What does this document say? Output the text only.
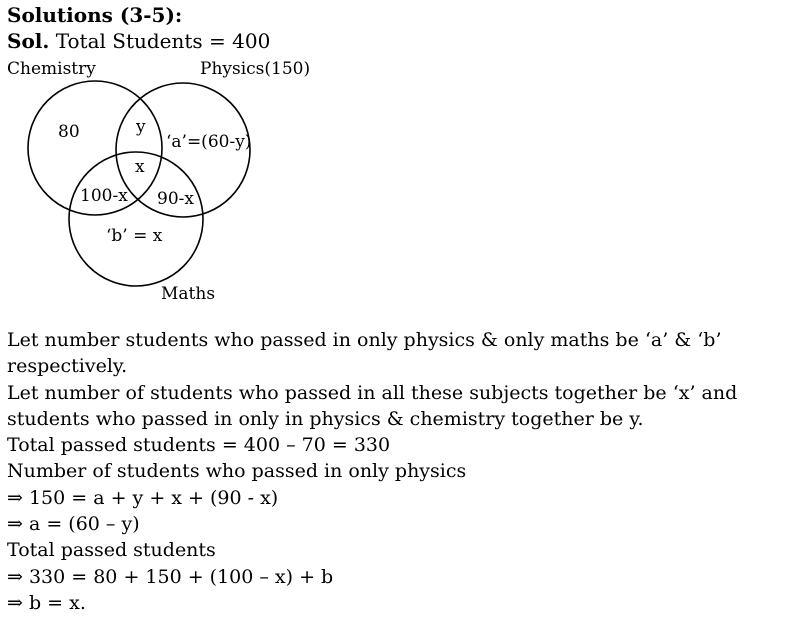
Solutions (3-5):
Sol. Total Students = 400
Chemistry	Physics(150)
Maths
80	y
‘a’=(60-y)
x
100-x 90-x
‘b’ = x
Let number students who passed in only physics & only maths be ‘a’ & ‘b’
respectively.
Let number of students who passed in all these subjects together be ‘x’ and
students who passed in only in physics & chemistry together be y.
Total passed students = 400 – 70 = 330
Number of students who passed in only physics
⇒ 150 = a + y + x + (90 - x)
⇒ a = (60 – y)
Total passed students
⇒ 330 = 80 + 150 + (100 – x) + b
⇒ b = x.
